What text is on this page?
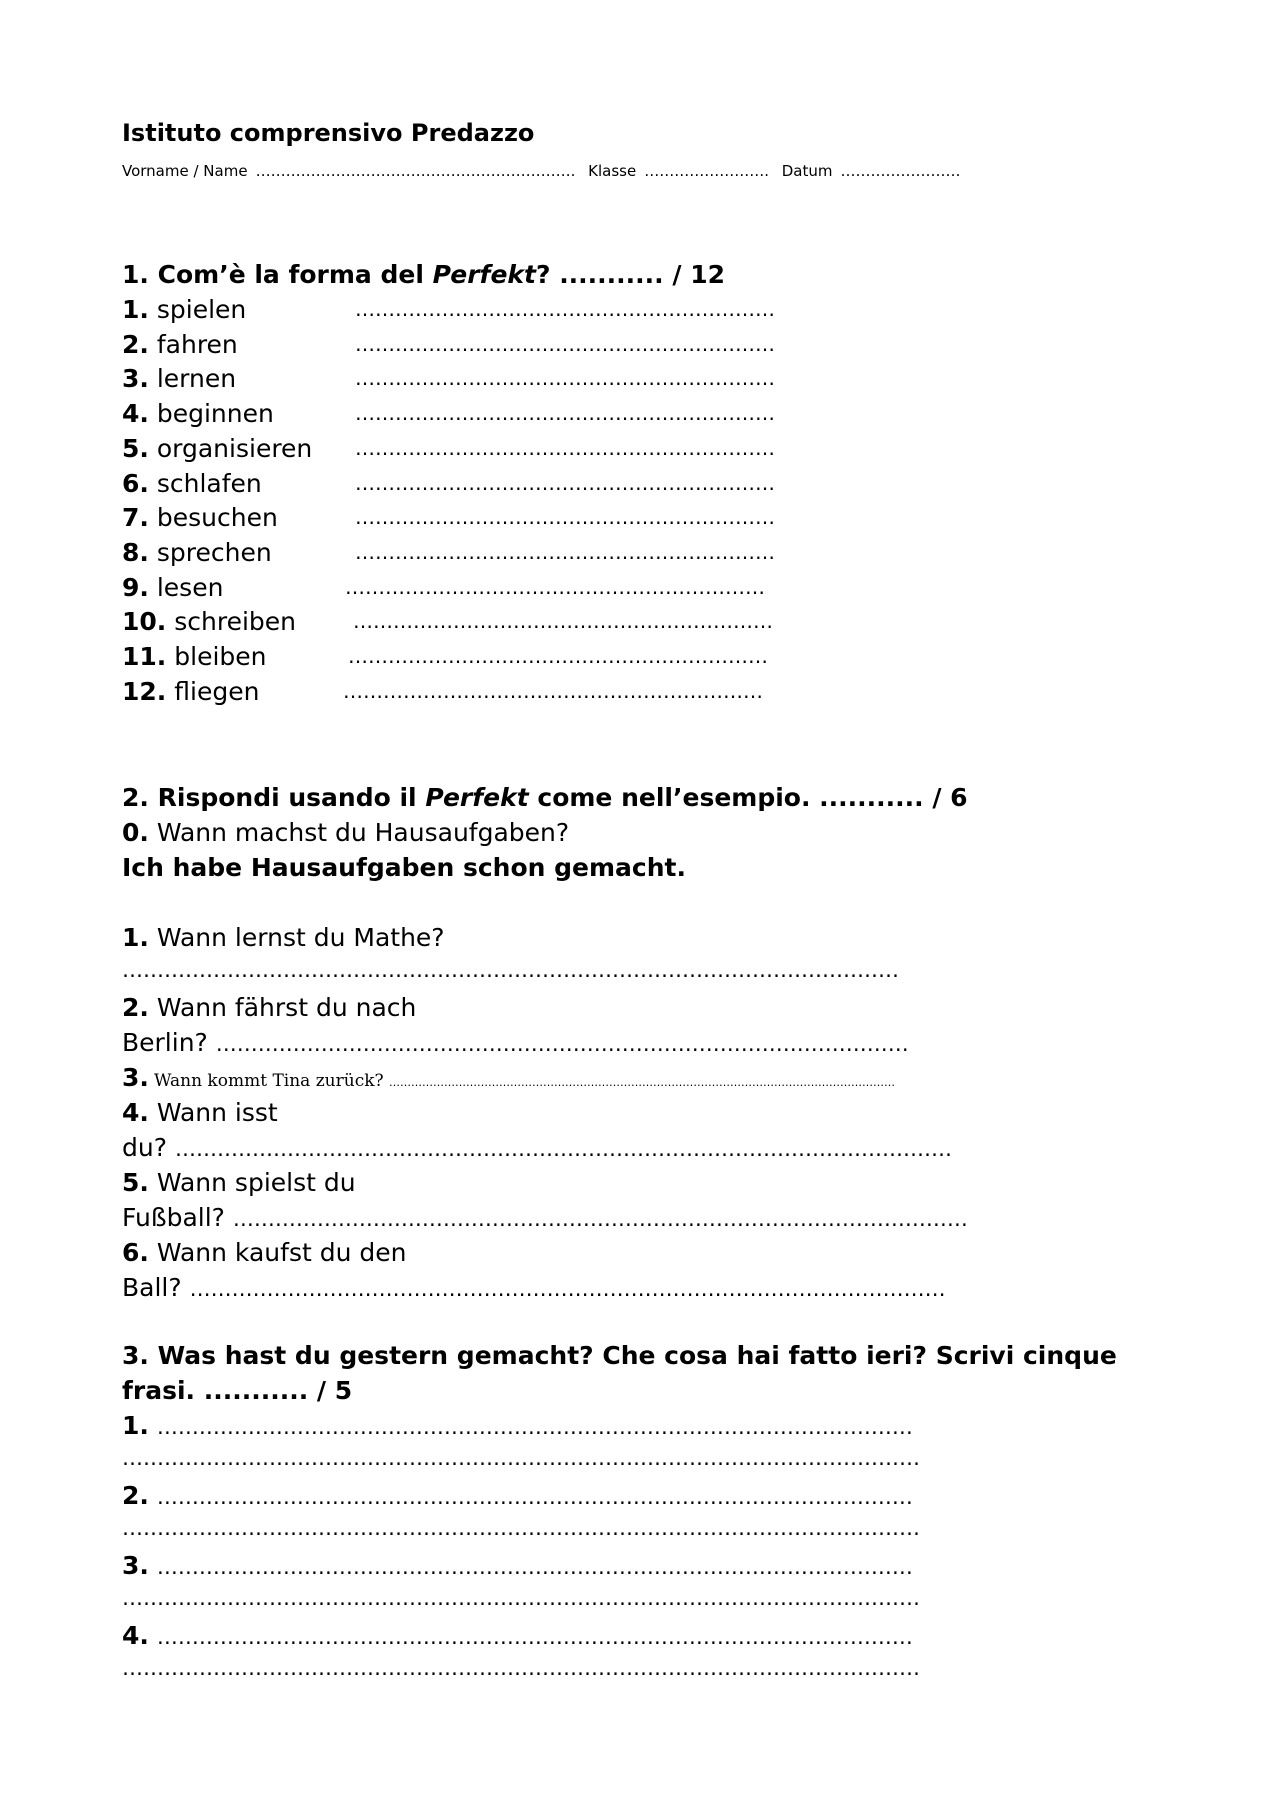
Istituto comprensivo Predazzo
Vorname / Name ………………………………………………………. Klasse ……………………. Datum ……………………
1. Com’è la forma del Perfekt? ........... / 12
1. spielen	………………………………………………………
2. fahren	………………………………………………………
3. lernen	………………………………………………………
4. beginnen	………………………………………………………
5. organisieren ………………………………………………………
6. schlafen	………………………………………………………
7. besuchen	………………………………………………………
8. sprechen	………………………………………………………
9. lesen	………………………………………………………
10. schreiben	………………………………………………………
11. bleiben	………………………………………………………
12. fliegen	………………………………………………………
2. Rispondi usando il Perfekt come nell’esempio. ........... / 6
0. Wann machst du Hausaufgaben?
Ich habe Hausaufgaben schon gemacht.
1. Wann lernst du Mathe?
…………………………………………………………………………………………………
2. Wann fährst du nach
Berlin? ………………………………………………………………………………………
3. Wann kommt Tina zurück? …………………………………………………………………………………………………………………………
4. Wann isst
du? …………………………………………………………………………………………………
5. Wann spielst du
Fußball? ……………………………………………………………………………………………
6. Wann kaufst du den
Ball? ………………………………………………………………………………………………
3. Was hast du gestern gemacht? Che cosa hai fatto ieri? Scrivi cinque
frasi. ........... / 5
1. ………………………………………………………………………………………………
……………………………………………………………………………………………………
2. ………………………………………………………………………………………………
……………………………………………………………………………………………………
3. ………………………………………………………………………………………………
……………………………………………………………………………………………………
4. ………………………………………………………………………………………………
……………………………………………………………………………………………………
